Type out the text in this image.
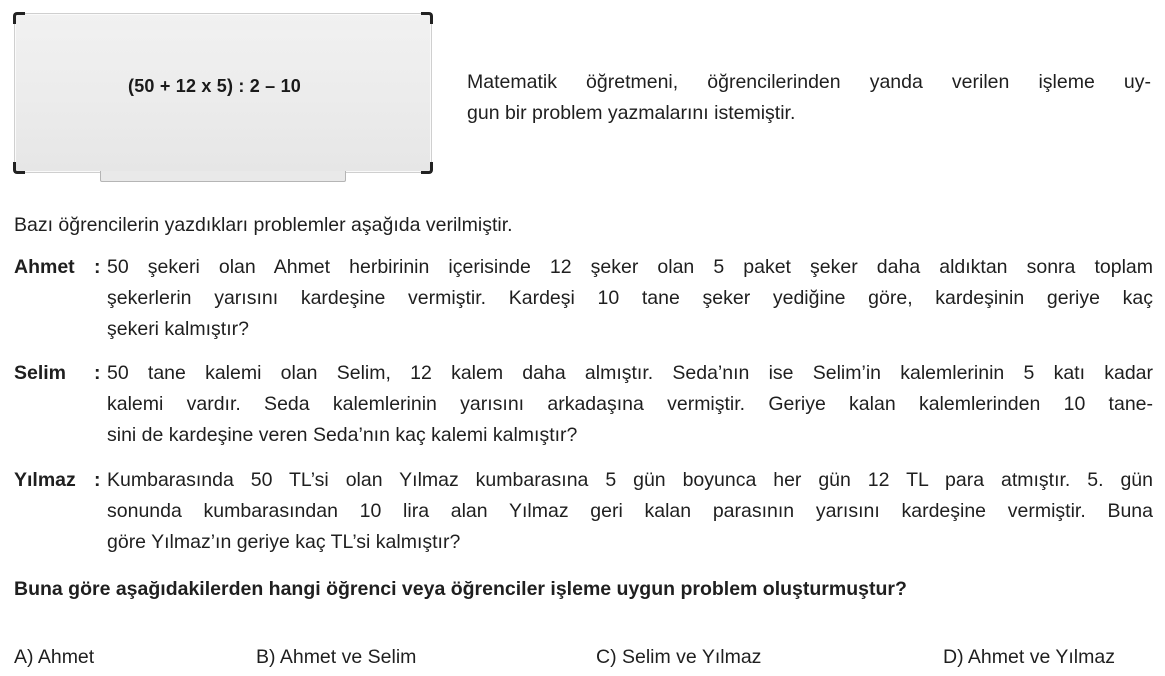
(50 + 12 x 5) : 2 – 10	Matematik öğretmeni, öğrencilerinden yanda verilen işleme uy-
gun bir problem yazmalarını istemiştir.
Bazı öğrencilerin yazdıkları problemler aşağıda verilmiştir.
Ahmet : 50 şekeri olan Ahmet herbirinin içerisinde 12 şeker olan 5 paket şeker daha aldıktan sonra toplam
şekerlerin yarısını kardeşine vermiştir. Kardeşi 10 tane şeker yediğine göre, kardeşinin geriye kaç
şekeri kalmıştır?
Selim : 50 tane kalemi olan Selim, 12 kalem daha almıştır. Seda’nın ise Selim’in kalemlerinin 5 katı kadar
kalemi vardır. Seda kalemlerinin yarısını arkadaşına vermiştir. Geriye kalan kalemlerinden 10 tane-
sini de kardeşine veren Seda’nın kaç kalemi kalmıştır?
Yılmaz : Kumbarasında 50 TL’si olan Yılmaz kumbarasına 5 gün boyunca her gün 12 TL para atmıştır. 5. gün
sonunda kumbarasından 10 lira alan Yılmaz geri kalan parasının yarısını kardeşine vermiştir. Buna
göre Yılmaz’ın geriye kaç TL’si kalmıştır?
Buna göre aşağıdakilerden hangi öğrenci veya öğrenciler işleme uygun problem oluşturmuştur?
A) Ahmet	B) Ahmet ve Selim	C) Selim ve Yılmaz	D) Ahmet ve Yılmaz
